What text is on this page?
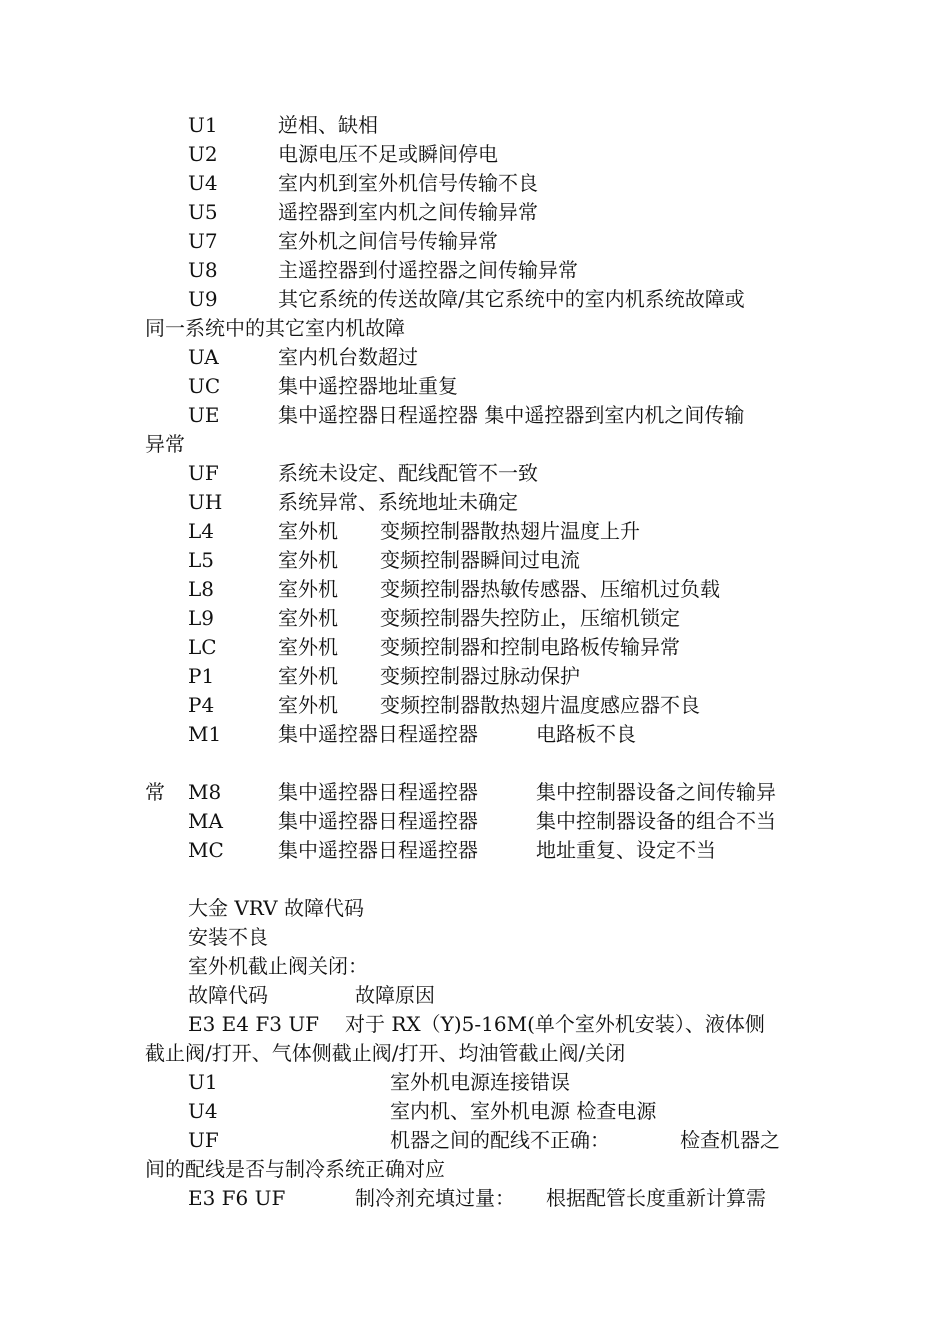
U1	逆相、缺相
U2	电源电压不足或瞬间停电
U4	室内机到室外机信号传输不良
U5	遥控器到室内机之间传输异常
U7	室外机之间信号传输异常
U8	主遥控器到付遥控器之间传输异常
U9	其它系统的传送故障/其它系统中的室内机系统故障或
同一系统中的其它室内机故障
UA	室内机台数超过
UC	集中遥控器地址重复
UE	集中遥控器日程遥控器 集中遥控器到室内机之间传输
异常
UF	系统未设定、配线配管不一致
UH	系统异常、系统地址未确定
L4	室外机 变频控制器散热翅片温度上升
L5	室外机 变频控制器瞬间过电流
L8	室外机 变频控制器热敏传感器、压缩机过负载
L9	室外机 变频控制器失控防止，压缩机锁定
LC	室外机 变频控制器和控制电路板传输异常
P1	室外机 变频控制器过脉动保护
P4	室外机 变频控制器散热翅片温度感应器不良
M1	集中遥控器日程遥控器	电路板不良
M8	集中遥控器日程遥控器	集中控制器设备之间传输异
常
MA	集中遥控器日程遥控器	集中控制器设备的组合不当
MC	集中遥控器日程遥控器	地址重复、设定不当
大金 VRV 故障代码
安装不良
室外机截止阀关闭：
故障代码	故障原因
E3 E4 F3 UF 对于 RX（Y)5-16M(单个室外机安装）、液体侧
截止阀/打开、气体侧截止阀/打开、均油管截止阀/关闭
U1	室外机电源连接错误
U4	室内机、室外机电源 检查电源
UF	机器之间的配线不正确：	检查机器之
间的配线是否与制冷系统正确对应
E3 F6 UF	制冷剂充填过量： 根据配管长度重新计算需
